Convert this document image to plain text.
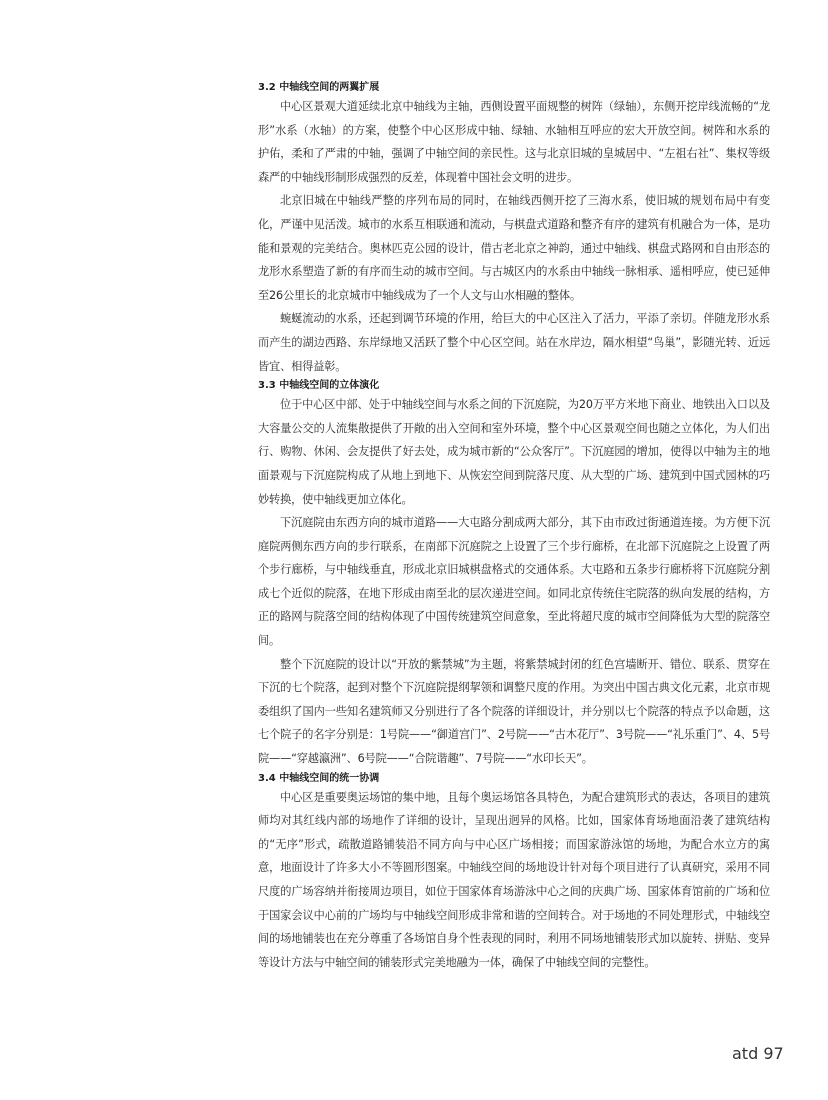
3.2 中轴线空间的两翼扩展

中心区景观大道延续北京中轴线为主轴，西侧设置平面规整的树阵（绿轴），东侧开挖岸线流畅的“龙形”水系（水轴）的方案，使整个中心区形成中轴、绿轴、水轴相互呼应的宏大开放空间。树阵和水系的护佑，柔和了严肃的中轴，强调了中轴空间的亲民性。这与北京旧城的皇城居中、“左祖右社”、集权等级森严的中轴线形制形成强烈的反差，体现着中国社会文明的进步。

北京旧城在中轴线严整的序列布局的同时，在轴线西侧开挖了三海水系，使旧城的规划布局中有变化，严谨中见活泼。城市的水系互相联通和流动，与棋盘式道路和整齐有序的建筑有机融合为一体，是功能和景观的完美结合。奥林匹克公园的设计，借古老北京之神韵，通过中轴线、棋盘式路网和自由形态的龙形水系塑造了新的有序而生动的城市空间。与古城区内的水系由中轴线一脉相承、遥相呼应，使已延伸至26公里长的北京城市中轴线成为了一个人文与山水相融的整体。

蜿蜒流动的水系，还起到调节环境的作用，给巨大的中心区注入了活力，平添了亲切。伴随龙形水系而产生的湖边西路、东岸绿地又活跃了整个中心区空间。站在水岸边，隔水相望“鸟巢”，影随光转、近远皆宜、相得益彰。

3.3 中轴线空间的立体演化

位于中心区中部、处于中轴线空间与水系之间的下沉庭院，为20万平方米地下商业、地铁出入口以及大容量公交的人流集散提供了开敞的出入空间和室外环境，整个中心区景观空间也随之立体化，为人们出行、购物、休闲、会友提供了好去处，成为城市新的“公众客厅”。下沉庭园的增加，使得以中轴为主的地面景观与下沉庭院构成了从地上到地下、从恢宏空间到院落尺度、从大型的广场、建筑到中国式园林的巧妙转换，使中轴线更加立体化。

下沉庭院由东西方向的城市道路——大屯路分割成两大部分，其下由市政过街通道连接。为方便下沉庭院两侧东西方向的步行联系，在南部下沉庭院之上设置了三个步行廊桥，在北部下沉庭院之上设置了两个步行廊桥，与中轴线垂直，形成北京旧城棋盘格式的交通体系。大屯路和五条步行廊桥将下沉庭院分割成七个近似的院落，在地下形成由南至北的层次递进空间。如同北京传统住宅院落的纵向发展的结构，方正的路网与院落空间的结构体现了中国传统建筑空间意象，至此将超尺度的城市空间降低为大型的院落空间。

整个下沉庭院的设计以“开放的紫禁城”为主题，将紫禁城封闭的红色宫墙断开、错位、联系、贯穿在下沉的七个院落，起到对整个下沉庭院提纲挈领和调整尺度的作用。为突出中国古典文化元素，北京市规委组织了国内一些知名建筑师又分别进行了各个院落的详细设计，并分别以七个院落的特点予以命题，这七个院子的名字分别是：1号院——“御道宫门”、2号院——“古木花厅”、3号院——“礼乐重门”、4、5号院——“穿越瀛洲”、6号院——“合院谐趣”、7号院——“水印长天”。

3.4 中轴线空间的统一协调

中心区是重要奥运场馆的集中地，且每个奥运场馆各具特色，为配合建筑形式的表达，各项目的建筑师均对其红线内部的场地作了详细的设计，呈现出迥异的风格。比如，国家体育场地面沿袭了建筑结构的“无序”形式，疏散道路铺装沿不同方向与中心区广场相接；而国家游泳馆的场地，为配合水立方的寓意，地面设计了许多大小不等圆形图案。中轴线空间的场地设计针对每个项目进行了认真研究，采用不同尺度的广场容纳并衔接周边项目，如位于国家体育场游泳中心之间的庆典广场、国家体育馆前的广场和位于国家会议中心前的广场均与中轴线空间形成非常和谐的空间转合。对于场地的不同处理形式，中轴线空间的场地铺装也在充分尊重了各场馆自身个性表现的同时，利用不同场地铺装形式加以旋转、拼贴、变异等设计方法与中轴空间的铺装形式完美地融为一体，确保了中轴线空间的完整性。

atd 97
